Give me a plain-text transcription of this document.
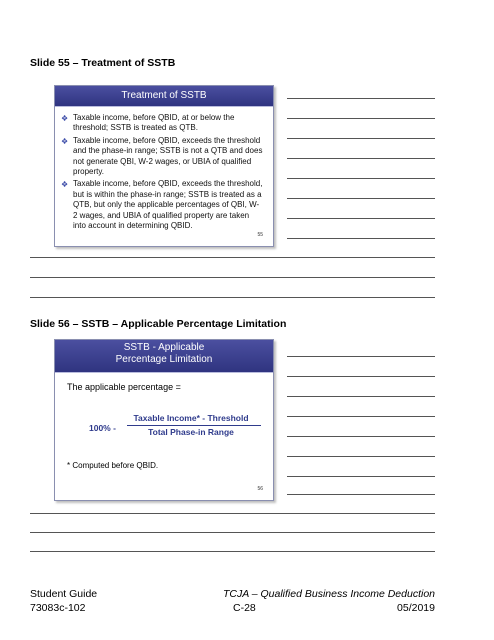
Slide 55 – Treatment of SSTB
Treatment of SSTB
❖ Taxable income, before QBID, at or below the threshold; SSTB is treated as QTB.
❖ Taxable income, before QBID, exceeds the threshold and the phase-in range; SSTB is not a QTB and does not generate QBI, W-2 wages, or UBIA of qualified property.
❖ Taxable income, before QBID, exceeds the threshold, but is within the phase-in range; SSTB is treated as a QTB, but only the applicable percentages of QBI, W-2 wages, and UBIA of qualified property are taken into account in determining QBID.
55
Slide 56 – SSTB – Applicable Percentage Limitation
SSTB - Applicable
Percentage Limitation
The applicable percentage =
100% -
Taxable Income* - Threshold
Total Phase-in Range
* Computed before QBID.
56
Student Guide
73083c-102
TCJA – Qualified Business Income Deduction
C-28	05/2019
